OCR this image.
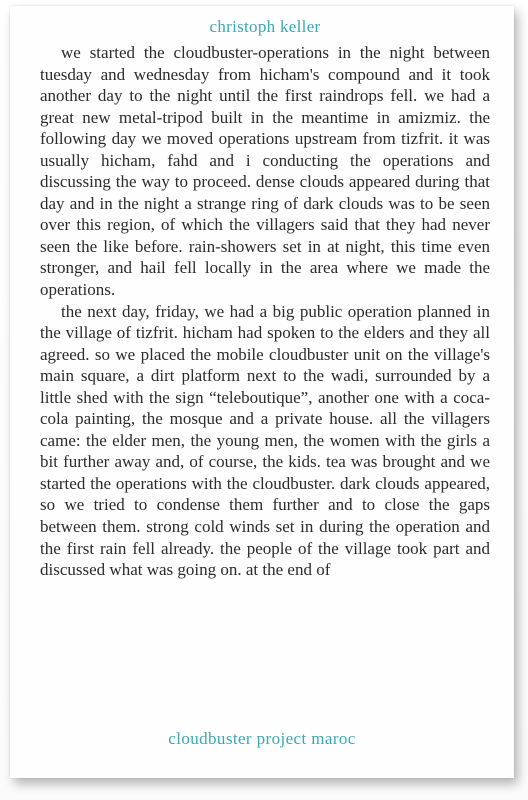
christoph keller

we started the cloudbuster-operations in the night between tuesday and wednesday from hicham's compound and it took another day to the night until the first raindrops fell. we had a great new metal-tripod built in the meantime in amizmiz. the following day we moved operations upstream from tizfrit. it was usually hicham, fahd and i conducting the operations and discussing the way to proceed. dense clouds appeared during that day and in the night a strange ring of dark clouds was to be seen over this region, of which the villagers said that they had never seen the like before. rain-showers set in at night, this time even stronger, and hail fell locally in the area where we made the operations.

the next day, friday, we had a big public operation planned in the village of tizfrit. hicham had spoken to the elders and they all agreed. so we placed the mobile cloudbuster unit on the village's main square, a dirt platform next to the wadi, surrounded by a little shed with the sign “teleboutique”, another one with a coca-cola painting, the mosque and a private house. all the villagers came: the elder men, the young men, the women with the girls a bit further away and, of course, the kids. tea was brought and we started the operations with the cloudbuster. dark clouds appeared, so we tried to condense them further and to close the gaps between them. strong cold winds set in during the operation and the first rain fell already. the people of the village took part and discussed what was going on. at the end of

cloudbuster project maroc
